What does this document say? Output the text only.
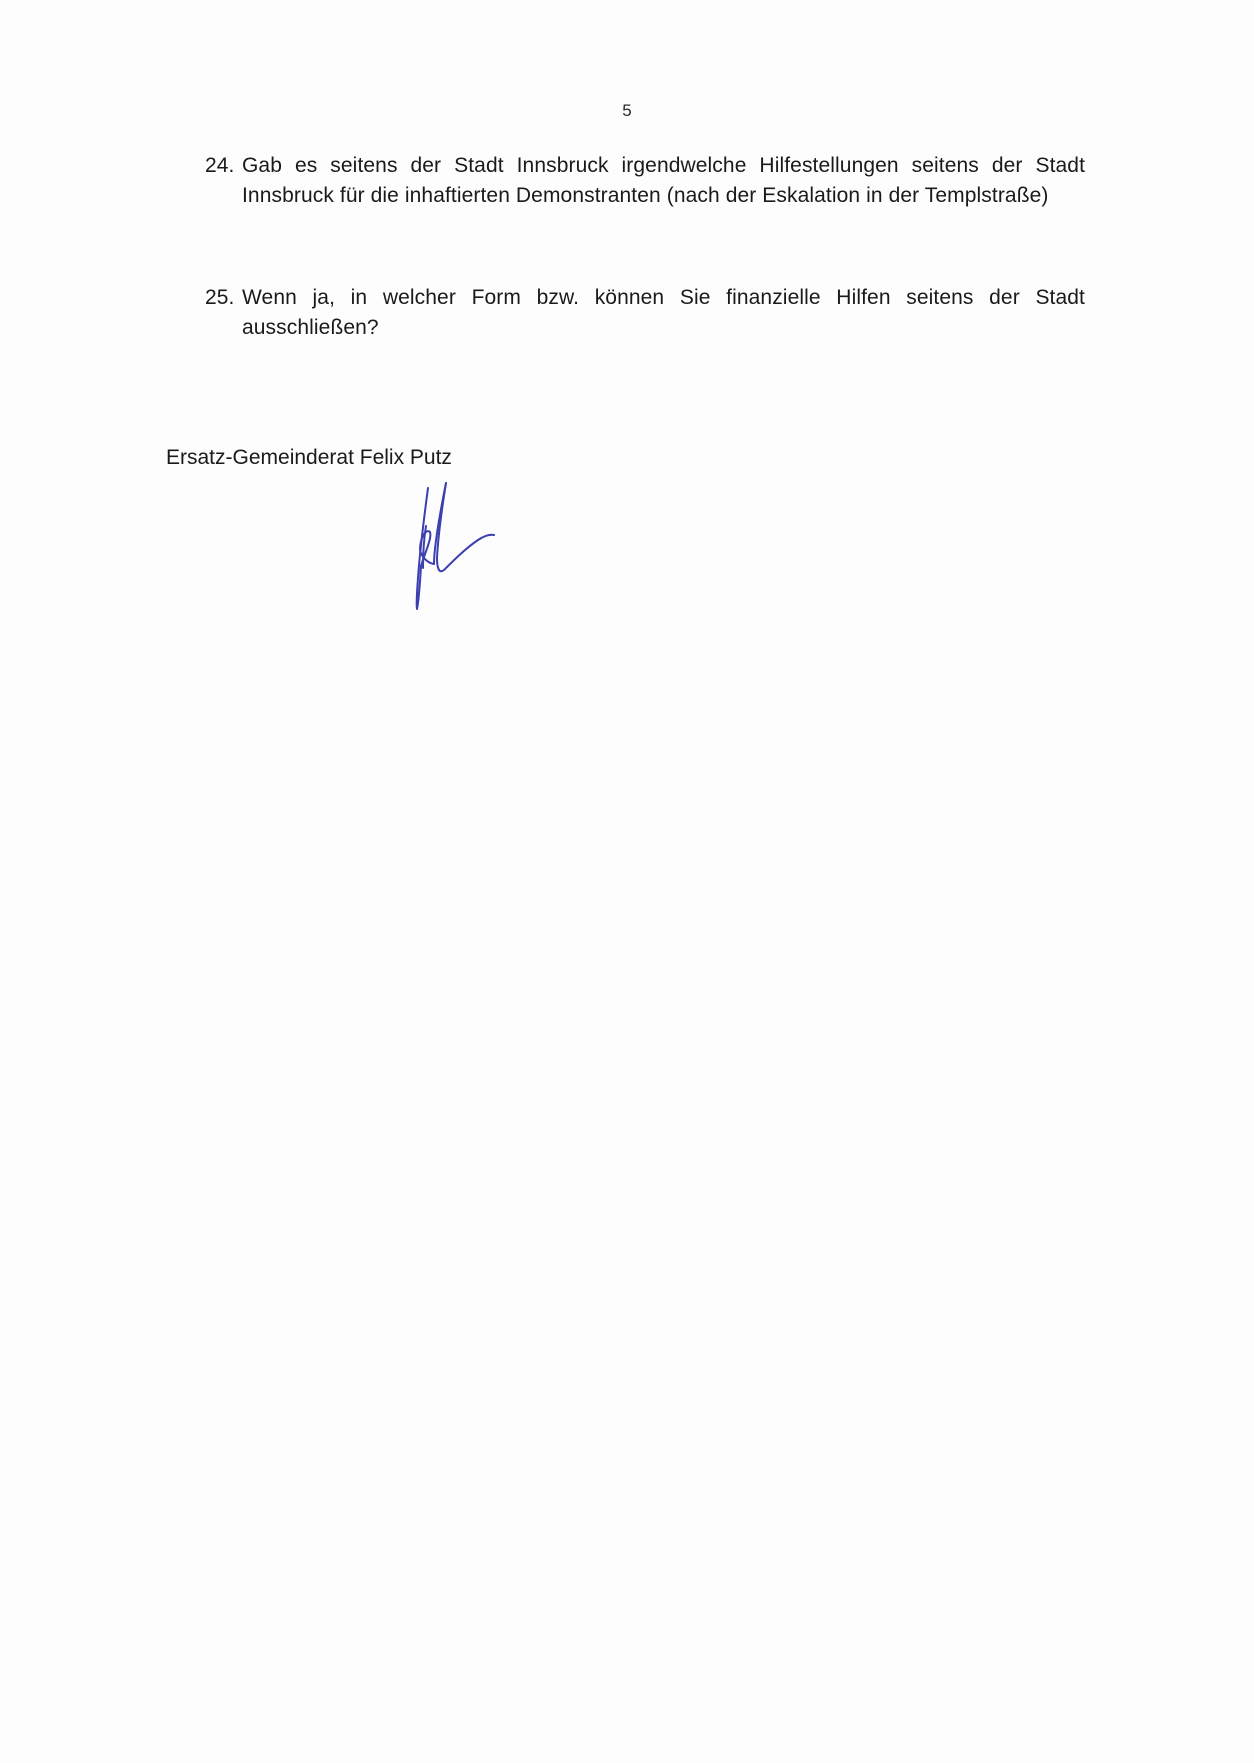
5
24. Gab es seitens der Stadt Innsbruck irgendwelche Hilfestellungen seitens der Stadt Innsbruck für die inhaftierten Demonstranten (nach der Eskalation in der Templstraße)
25. Wenn ja, in welcher Form bzw. können Sie finanzielle Hilfen seitens der Stadt ausschließen?
Ersatz-Gemeinderat Felix Putz
